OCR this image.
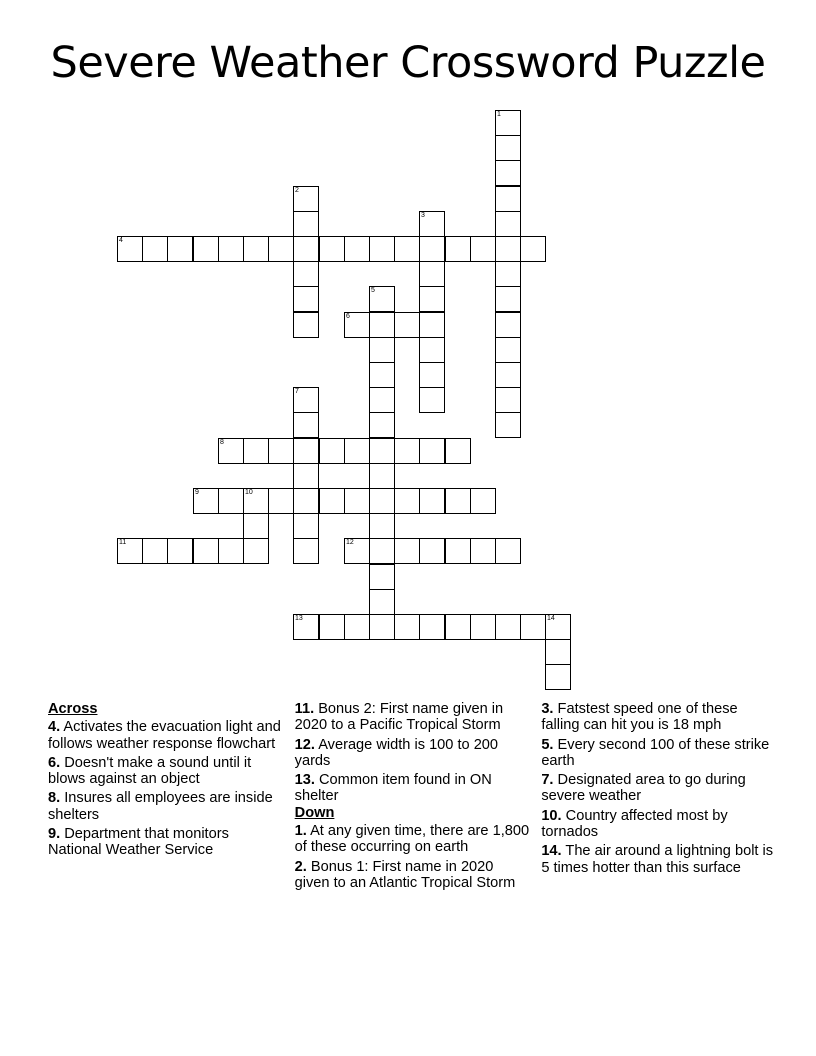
Severe Weather Crossword Puzzle
1
2
3
4
5
6
7
8
9	10
11	12
13	14
Across
4. Activates the evacuation light and follows weather response flowchart
6. Doesn't make a sound until it blows against an object
8. Insures all employees are inside shelters
9. Department that monitors National Weather Service
11. Bonus 2: First name given in 2020 to a Pacific Tropical Storm
12. Average width is 100 to 200 yards
13. Common item found in ON shelter
Down
1. At any given time, there are 1,800 of these occurring on earth
2. Bonus 1: First name in 2020 given to an Atlantic Tropical Storm
3. Fatstest speed one of these falling can hit you is 18 mph
5. Every second 100 of these strike earth
7. Designated area to go during severe weather
10. Country affected most by tornados
14. The air around a lightning bolt is 5 times hotter than this surface
